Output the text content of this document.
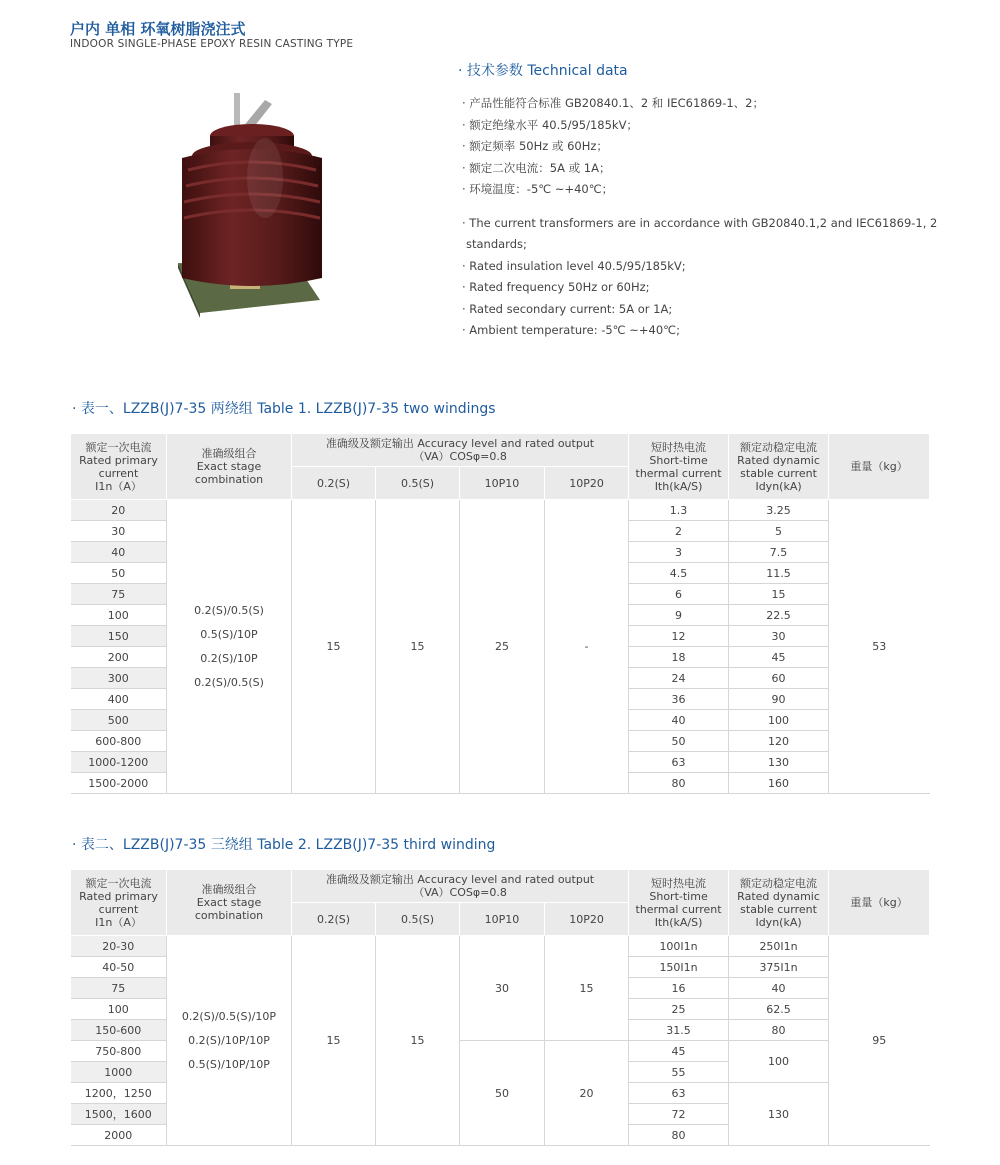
户内 单相 环氧树脂浇注式
INDOOR SINGLE-PHASE EPOXY RESIN CASTING TYPE
· 技术参数 Technical data
· 产品性能符合标准 GB20840.1、2 和 IEC61869-1、2；
· 额定绝缘水平 40.5/95/185kV；
· 额定频率 50Hz 或 60Hz；
· 额定二次电流：5A 或 1A；
· 环境温度：-5℃ ~+40℃；
· The current transformers are in accordance with GB20840.1,2 and IEC61869-1, 2
standards;
· Rated insulation level 40.5/95/185kV;
· Rated frequency 50Hz or 60Hz;
· Rated secondary current: 5A or 1A;
· Ambient temperature: -5℃ ~+40℃;
· 表一、LZZB(J)7-35 两绕组 Table 1. LZZB(J)7-35 two windings
额定一次电流
Rated primary
current
I1n（A）	准确级组合
Exact stage
combination	准确级及额定输出 Accuracy level and rated output
（VA）COSφ=0.8				短时热电流
Short-time
thermal current
Ith(kA/S)	额定动稳定电流
Rated dynamic
stable current
Idyn(kA)	重量（kg）
		0.2(S)	0.5(S)	10P10	10P20			
20	0.2(S)/0.5(S)
0.5(S)/10P
0.2(S)/10P
0.2(S)/0.5(S)	15	15	25	-	1.3	3.25	53
30						2	5	
40						3	7.5	
50						4.5	11.5	
75						6	15	
100						9	22.5	
150						12	30	
200						18	45	
300						24	60	
400						36	90	
500						40	100	
600-800						50	120	
1000-1200						63	130	
1500-2000						80	160	
· 表二、LZZB(J)7-35 三绕组 Table 2. LZZB(J)7-35 third winding
额定一次电流
Rated primary
current
I1n（A）	准确级组合
Exact stage
combination	准确级及额定输出 Accuracy level and rated output
（VA）COSφ=0.8				短时热电流
Short-time
thermal current
Ith(kA/S)	额定动稳定电流
Rated dynamic
stable current
Idyn(kA)	重量（kg）
		0.2(S)	0.5(S)	10P10	10P20			
20-30	0.2(S)/0.5(S)/10P
0.2(S)/10P/10P
0.5(S)/10P/10P	15	15	30	15	100I1n	250I1n	95
40-50						150I1n	375I1n	
75						16	40	
100						25	62.5	
150-600						31.5	80	
750-800				50	20	45	100	
1000						55		
1200，1250						63	130	
1500，1600						72		
2000						80		
